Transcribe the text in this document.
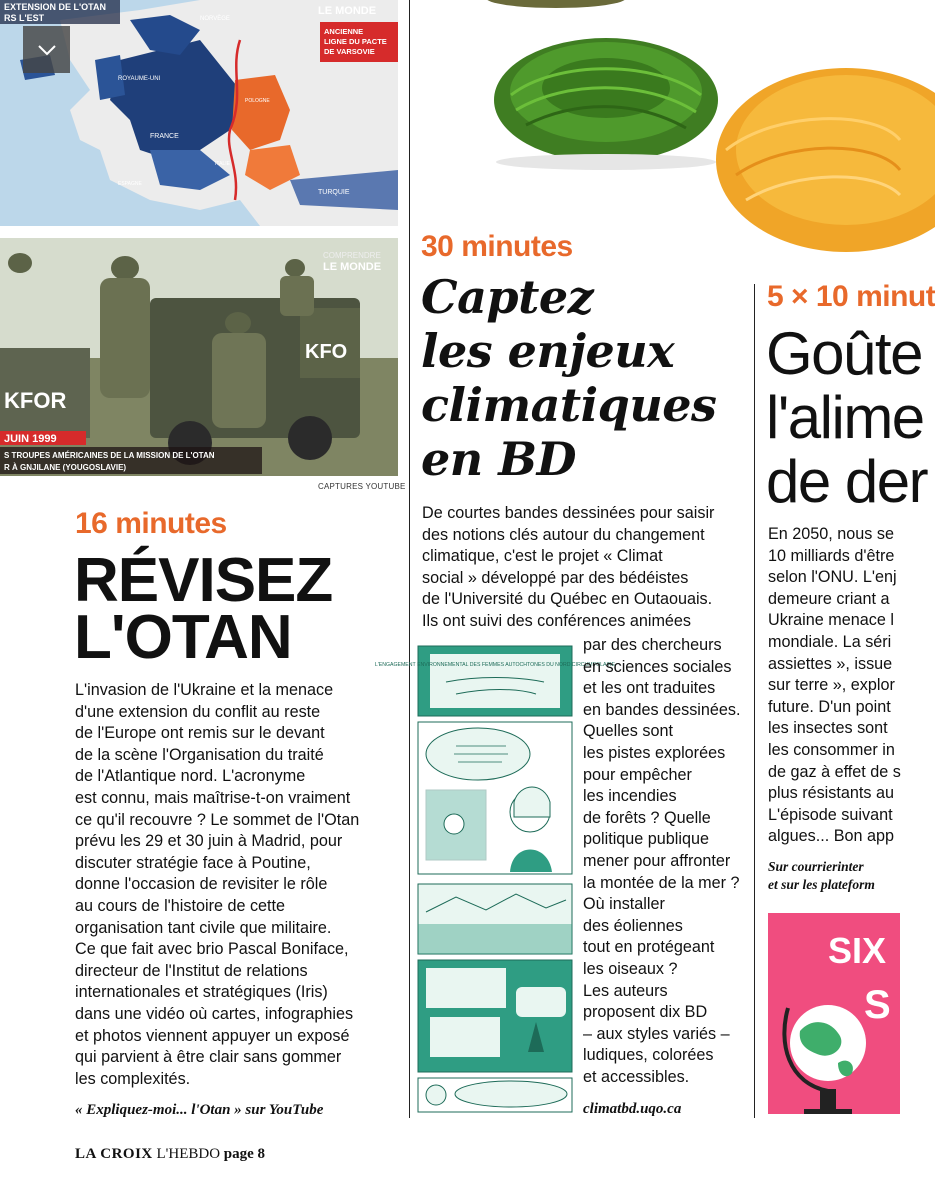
EXTENSION DE L'OTAN
RS L'EST
LE MONDE
ANCIENNE
LIGNE DU PACTE
DE VARSOVIE
NORVÈGE
ROYAUME-UNI
FRANCE
POLOGNE
ITALIE
ESPAGNE
TURQUIE
KFO
KFOR
COMPRENDRE
LE MONDE
JUIN 1999
S TROUPES AMÉRICAINES DE LA MISSION DE L'OTAN
R À GNJILANE (YOUGOSLAVIE)
CAPTURES YOUTUBE
16 minutes
RÉVISEZ
L'OTAN
L'invasion de l'Ukraine et la menace
d'une extension du conflit au reste
de l'Europe ont remis sur le devant
de la scène l'Organisation du traité
de l'Atlantique nord. L'acronyme
est connu, mais maîtrise-t-on vraiment
ce qu'il recouvre ? Le sommet de l'Otan
prévu les 29 et 30 juin à Madrid, pour
discuter stratégie face à Poutine,
donne l'occasion de revisiter le rôle
au cours de l'histoire de cette
organisation tant civile que militaire.
Ce que fait avec brio Pascal Boniface,
directeur de l'Institut de relations
internationales et stratégiques (Iris)
dans une vidéo où cartes, infographies
et photos viennent appuyer un exposé
qui parvient à être clair sans gommer
les complexités.
« Expliquez-moi... l'Otan » sur YouTube
30 minutes
Captez
les enjeux
climatiques
en BD
De courtes bandes dessinées pour saisir
des notions clés autour du changement
climatique, c'est le projet « Climat
social » développé par des bédéistes
de l'Université du Québec en Outaouais.
Ils ont suivi des conférences animées
L'ENGAGEMENT ENVIRONNEMENTAL DES FEMMES AUTOCHTONES DU NORD CIRCUMPOLAIRE
par des chercheurs
en sciences sociales
et les ont traduites
en bandes dessinées.
Quelles sont
les pistes explorées
pour empêcher
les incendies
de forêts ? Quelle
politique publique
mener pour affronter
la montée de la mer ?
Où installer
des éoliennes
tout en protégeant
les oiseaux ?
Les auteurs
proposent dix BD
– aux styles variés –
ludiques, colorées
et accessibles.
climatbd.uqo.ca
5 × 10 minut
Goûte
l'alime
de der
En 2050, nous se
10 milliards d'être
selon l'ONU. L'enj
demeure criant a
Ukraine menace l
mondiale. La séri
assiettes », issue
sur terre », explor
future. D'un point
les insectes sont
les consommer in
de gaz à effet de s
plus résistants au
L'épisode suivant
algues... Bon app
Sur courrierinter
et sur les plateform
SIX
S
LA CROIX L'HEBDO page 8
